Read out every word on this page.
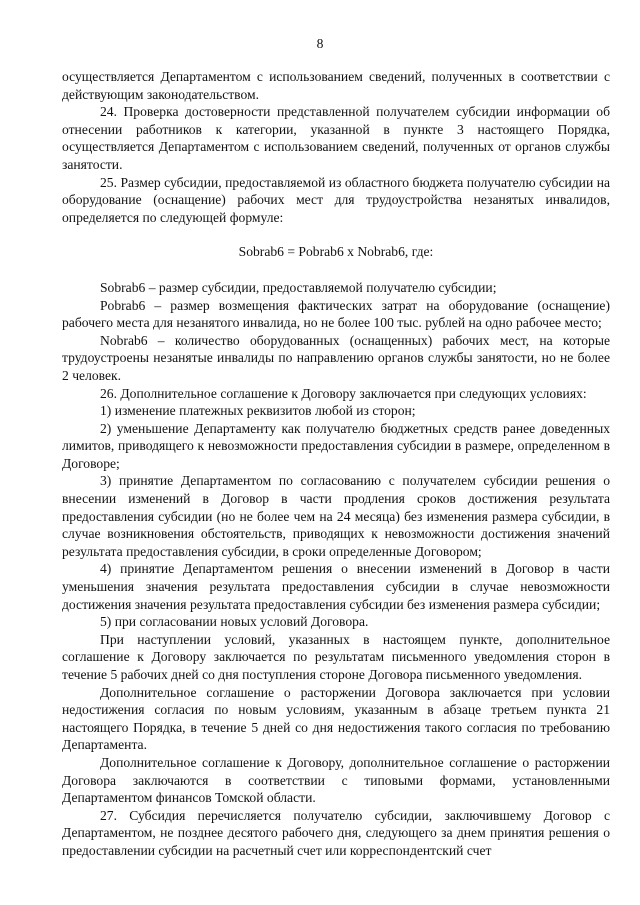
8

осуществляется Департаментом с использованием сведений, полученных в соответствии с действующим законодательством.

24. Проверка достоверности представленной получателем субсидии информации об отнесении работников к категории, указанной в пункте 3 настоящего Порядка, осуществляется Департаментом с использованием сведений, полученных от органов службы занятости.

25. Размер субсидии, предоставляемой из областного бюджета получателю субсидии на оборудование (оснащение) рабочих мест для трудоустройства незанятых инвалидов, определяется по следующей формуле:

Sobrab6 = Pobrab6 x Nobrab6, где:

Sobrab6 – размер субсидии, предоставляемой получателю субсидии;

Pobrab6 – размер возмещения фактических затрат на оборудование (оснащение) рабочего места для незанятого инвалида, но не более 100 тыс. рублей на одно рабочее место;

Nobrab6 – количество оборудованных (оснащенных) рабочих мест, на которые трудоустроены незанятые инвалиды по направлению органов службы занятости, но не более 2 человек.

26. Дополнительное соглашение к Договору заключается при следующих условиях:

1) изменение платежных реквизитов любой из сторон;

2) уменьшение Департаменту как получателю бюджетных средств ранее доведенных лимитов, приводящего к невозможности предоставления субсидии в размере, определенном в Договоре;

3) принятие Департаментом по согласованию с получателем субсидии решения о внесении изменений в Договор в части продления сроков достижения результата предоставления субсидии (но не более чем на 24 месяца) без изменения размера субсидии, в случае возникновения обстоятельств, приводящих к невозможности достижения значений результата предоставления субсидии, в сроки определенные Договором;

4) принятие Департаментом решения о внесении изменений в Договор в части уменьшения значения результата предоставления субсидии в случае невозможности достижения значения результата предоставления субсидии без изменения размера субсидии;

5) при согласовании новых условий Договора.

При наступлении условий, указанных в настоящем пункте, дополнительное соглашение к Договору заключается по результатам письменного уведомления сторон в течение 5 рабочих дней со дня поступления стороне Договора письменного уведомления.

Дополнительное соглашение о расторжении Договора заключается при условии недостижения согласия по новым условиям, указанным в абзаце третьем пункта 21 настоящего Порядка, в течение 5 дней со дня недостижения такого согласия по требованию Департамента.

Дополнительное соглашение к Договору, дополнительное соглашение о расторжении Договора заключаются в соответствии с типовыми формами, установленными Департаментом финансов Томской области.

27. Субсидия перечисляется получателю субсидии, заключившему Договор с Департаментом, не позднее десятого рабочего дня, следующего за днем принятия решения о предоставлении субсидии на расчетный счет или корреспондентский счет
